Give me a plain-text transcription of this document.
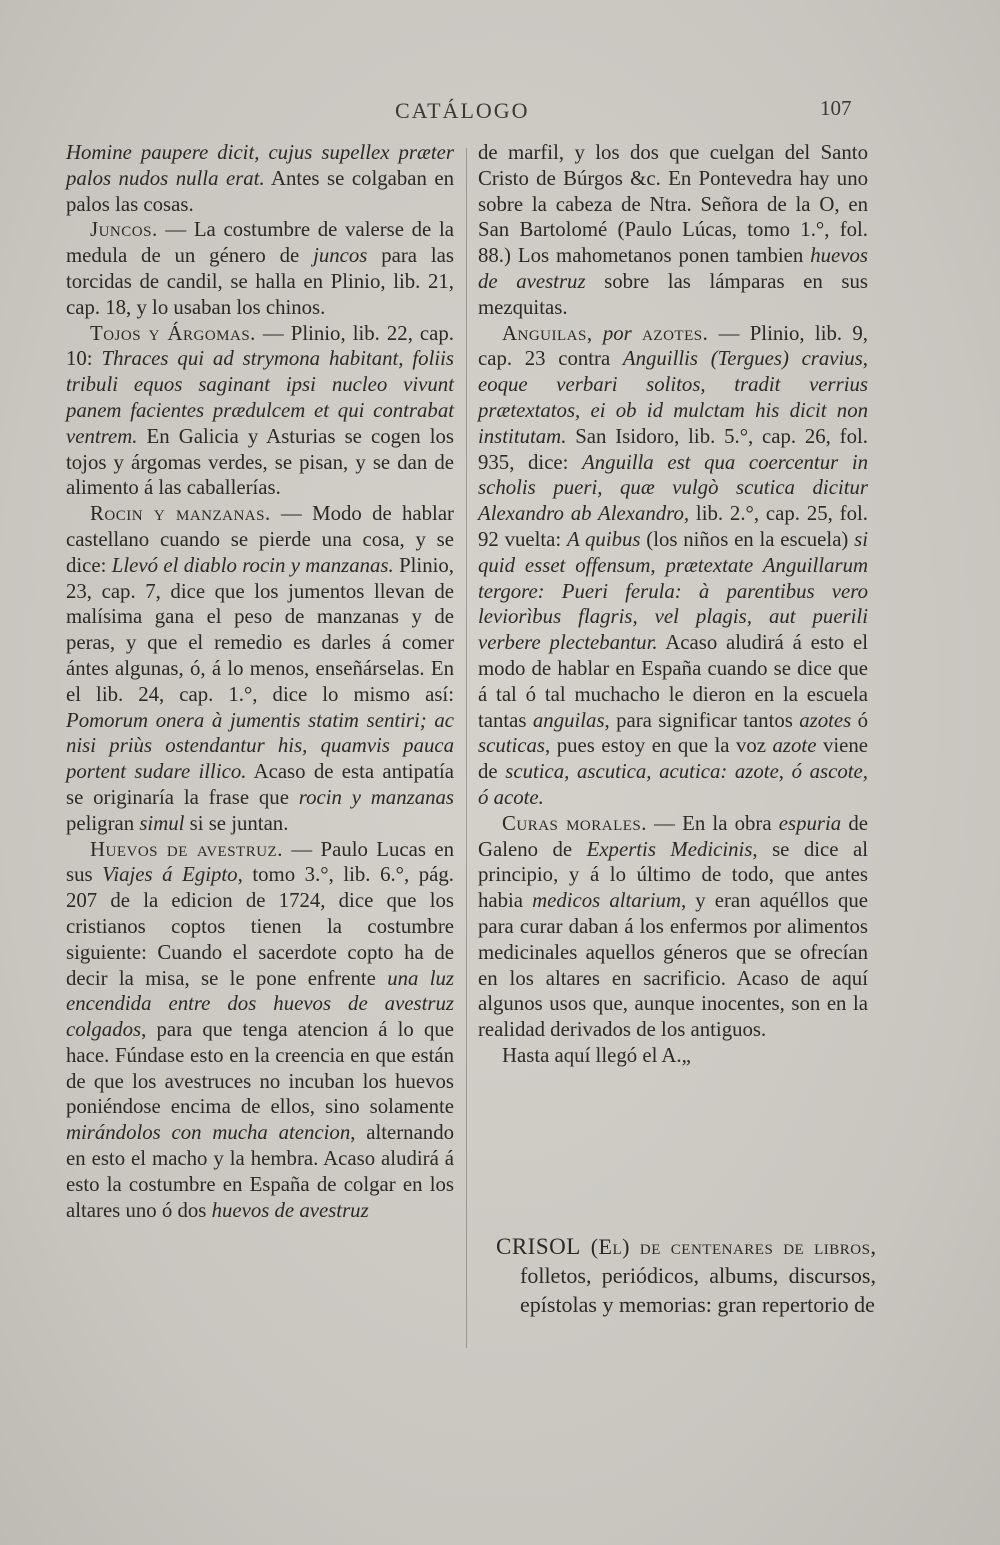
CATÁLOGO	107

Homine paupere dicit, cujus supellex præter palos nudos nulla erat. Antes se colgaban en palos las cosas.

Juncos. — La costumbre de valerse de la medula de un género de juncos para las torcidas de candil, se halla en Plinio, lib. 21, cap. 18, y lo usaban los chinos.

Tojos y Árgomas. — Plinio, lib. 22, cap. 10: Thraces qui ad strymona habitant, foliis tribuli equos saginant ipsi nucleo vivunt panem facientes prædulcem et qui contrabat ventrem. En Galicia y Asturias se cogen los tojos y árgomas verdes, se pisan, y se dan de alimento á las caballerías.

Rocin y manzanas. — Modo de hablar castellano cuando se pierde una cosa, y se dice: Llevó el diablo rocin y manzanas. Plinio, 23, cap. 7, dice que los jumentos llevan de malísima gana el peso de manzanas y de peras, y que el remedio es darles á comer ántes algunas, ó, á lo menos, enseñárselas. En el lib. 24, cap. 1.°, dice lo mismo así: Pomorum onera à jumentis statim sentiri; ac nisi priùs ostendantur his, quamvis pauca portent sudare illico. Acaso de esta antipatía se originaría la frase que rocin y manzanas peligran simul si se juntan.

Huevos de avestruz. — Paulo Lucas en sus Viajes á Egipto, tomo 3.°, lib. 6.°, pág. 207 de la edicion de 1724, dice que los cristianos coptos tienen la costumbre siguiente: Cuando el sacerdote copto ha de decir la misa, se le pone enfrente una luz encendida entre dos huevos de avestruz colgados, para que tenga atencion á lo que hace. Fúndase esto en la creencia en que están de que los avestruces no incuban los huevos poniéndose encima de ellos, sino solamente mirándolos con mucha atencion, alternando en esto el macho y la hembra. Acaso aludirá á esto la costumbre en España de colgar en los altares uno ó dos huevos de avestruz

de marfil, y los dos que cuelgan del Santo Cristo de Búrgos &c. En Pontevedra hay uno sobre la cabeza de Ntra. Señora de la O, en San Bartolomé (Paulo Lúcas, tomo 1.°, fol. 88.) Los mahometanos ponen tambien huevos de avestruz sobre las lámparas en sus mezquitas.

Anguilas, por azotes. — Plinio, lib. 9, cap. 23 contra Anguillis (Tergues) cravius, eoque verbari solitos, tradit verrius prætextatos, ei ob id mulctam his dicit non institutam. San Isidoro, lib. 5.°, cap. 26, fol. 935, dice: Anguilla est qua coercentur in scholis pueri, quæ vulgò scutica dicitur Alexandro ab Alexandro, lib. 2.°, cap. 25, fol. 92 vuelta: A quibus (los niños en la escuela) si quid esset offensum, prætextate Anguillarum tergore: Pueri ferula: à parentibus vero leviorìbus flagris, vel plagis, aut puerili verbere plectebantur. Acaso aludirá á esto el modo de hablar en España cuando se dice que á tal ó tal muchacho le dieron en la escuela tantas anguilas, para significar tantos azotes ó scuticas, pues estoy en que la voz azote viene de scutica, ascutica, acutica: azote, ó ascote, ó acote.

Curas morales. — En la obra espuria de Galeno de Expertis Medicinis, se dice al principio, y á lo último de todo, que antes habia medicos altarium, y eran aquéllos que para curar daban á los enfermos por alimentos medicinales aquellos géneros que se ofrecían en los altares en sacrificio. Acaso de aquí algunos usos que, aunque inocentes, son en la realidad derivados de los antiguos.

Hasta aquí llegó el A.„

CRISOL (El) de centenares de libros, folletos, periódicos, albums, discursos, epístolas y memorias: gran repertorio de
